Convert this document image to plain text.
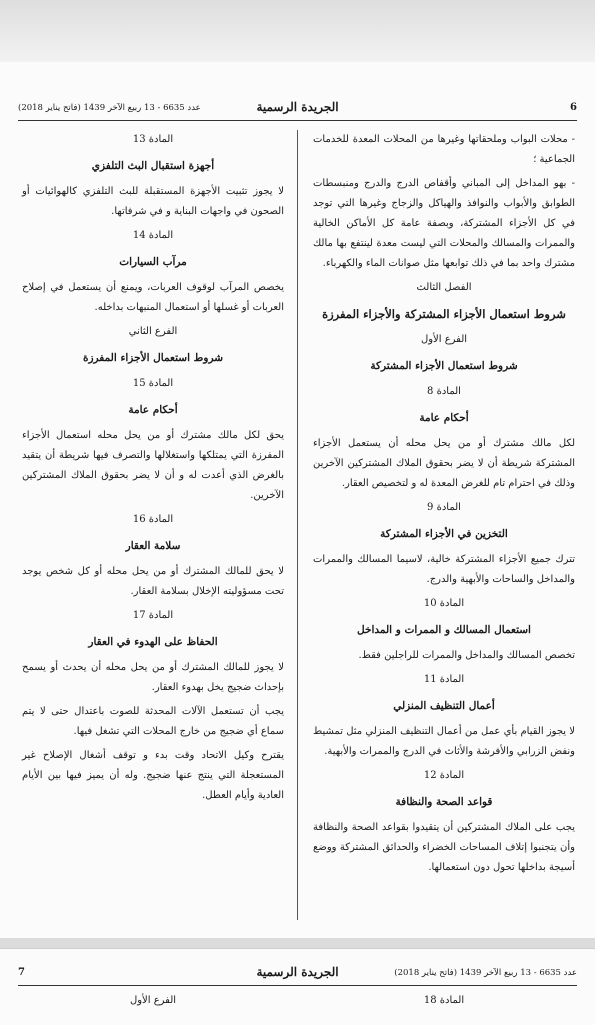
6
الجريدة الرسمية
عدد 6635 - 13 ربيع الآخر 1439 (فاتح يناير 2018)

- محلات البواب وملحقاتها وغيرها من المحلات المعدة للخدمات الجماعية ؛

- بهو المداخل إلى المباني وأقفاص الدرج والدرج ومنبسطات الطوابق والأبواب والنوافذ والهياكل والزجاج وغيرها التي توجد في كل الأجزاء المشتركة، وبصفة عامة كل الأماكن الخالية والممرات والمسالك والمحلات التي ليست معدة لينتفع بها مالك مشترك واحد بما في ذلك توابعها مثل صوانات الماء والكهرباء.

الفصل الثالث

شروط استعمال الأجزاء المشتركة والأجزاء المفرزة

الفرع الأول

شروط استعمال الأجزاء المشتركة

المادة 8

أحكام عامة

لكل مالك مشترك أو من يحل محله أن يستعمل الأجزاء المشتركة شريطة أن لا يضر بحقوق الملاك المشتركين الآخرين وذلك في احترام تام للغرض المعدة له و لتخصيص العقار.

المادة 9

التخزين في الأجزاء المشتركة

تترك جميع الأجزاء المشتركة خالية، لاسيما المسالك والممرات والمداخل والساحات والأبهية والدرج.

المادة 10

استعمال المسالك و الممرات و المداخل

تخصص المسالك والمداخل والممرات للراجلين فقط.

المادة 11

أعمال التنظيف المنزلي

لا يجوز القيام بأي عمل من أعمال التنظيف المنزلي مثل تمشيط ونفض الزرابي والأفرشة والأثاث في الدرج والممرات والأبهية.

المادة 12

قواعد الصحة والنظافة

يجب على الملاك المشتركين أن يتقيدوا بقواعد الصحة والنظافة وأن يتجنبوا إتلاف المساحات الخضراء والحدائق المشتركة ووضع أسيجة بداخلها تحول دون استعمالها.

المادة 13

أجهزة استقبال البث التلفزي

لا يجوز تثبيت الأجهزة المستقبلة للبث التلفزي كالهوائيات أو الصحون في واجهات البناية و في شرفاتها.

المادة 14

مرآب السيارات

يخصص المرآب لوقوف العربات، ويمنع أن يستعمل في إصلاح العربات أو غسلها أو استعمال المنبهات بداخله.

الفرع الثاني

شروط استعمال الأجزاء المفرزة

المادة 15

أحكام عامة

يحق لكل مالك مشترك أو من يحل محله استعمال الأجزاء المفرزة التي يمتلكها واستغلالها والتصرف فيها شريطة أن يتقيد بالغرض الذي أعدت له و أن لا يضر بحقوق الملاك المشتركين الآخرين.

المادة 16

سلامة العقار

لا يحق للمالك المشترك أو من يحل محله أو كل شخص يوجد تحت مسؤوليته الإخلال بسلامة العقار.

المادة 17

الحفاظ على الهدوء في العقار

لا يجوز للمالك المشترك أو من يحل محله أن يحدث أو يسمح بإحداث ضجيج يخل بهدوء العقار.

يجب أن تستعمل الآلات المحدثة للصوت باعتدال حتى لا يتم سماع أي ضجيج من خارج المحلات التي تشغل فيها.

يقترح وكيل الاتحاد وقت بدء و توقف أشغال الإصلاح غير المستعجلة التي ينتج عنها ضجيج. وله أن يميز فيها بين الأيام العادية وأيام العطل.

7	الجريدة الرسمية	عدد 6635 - 13 ربيع الآخر 1439 (فاتح يناير 2018)
المادة 18
الفرع الأول
